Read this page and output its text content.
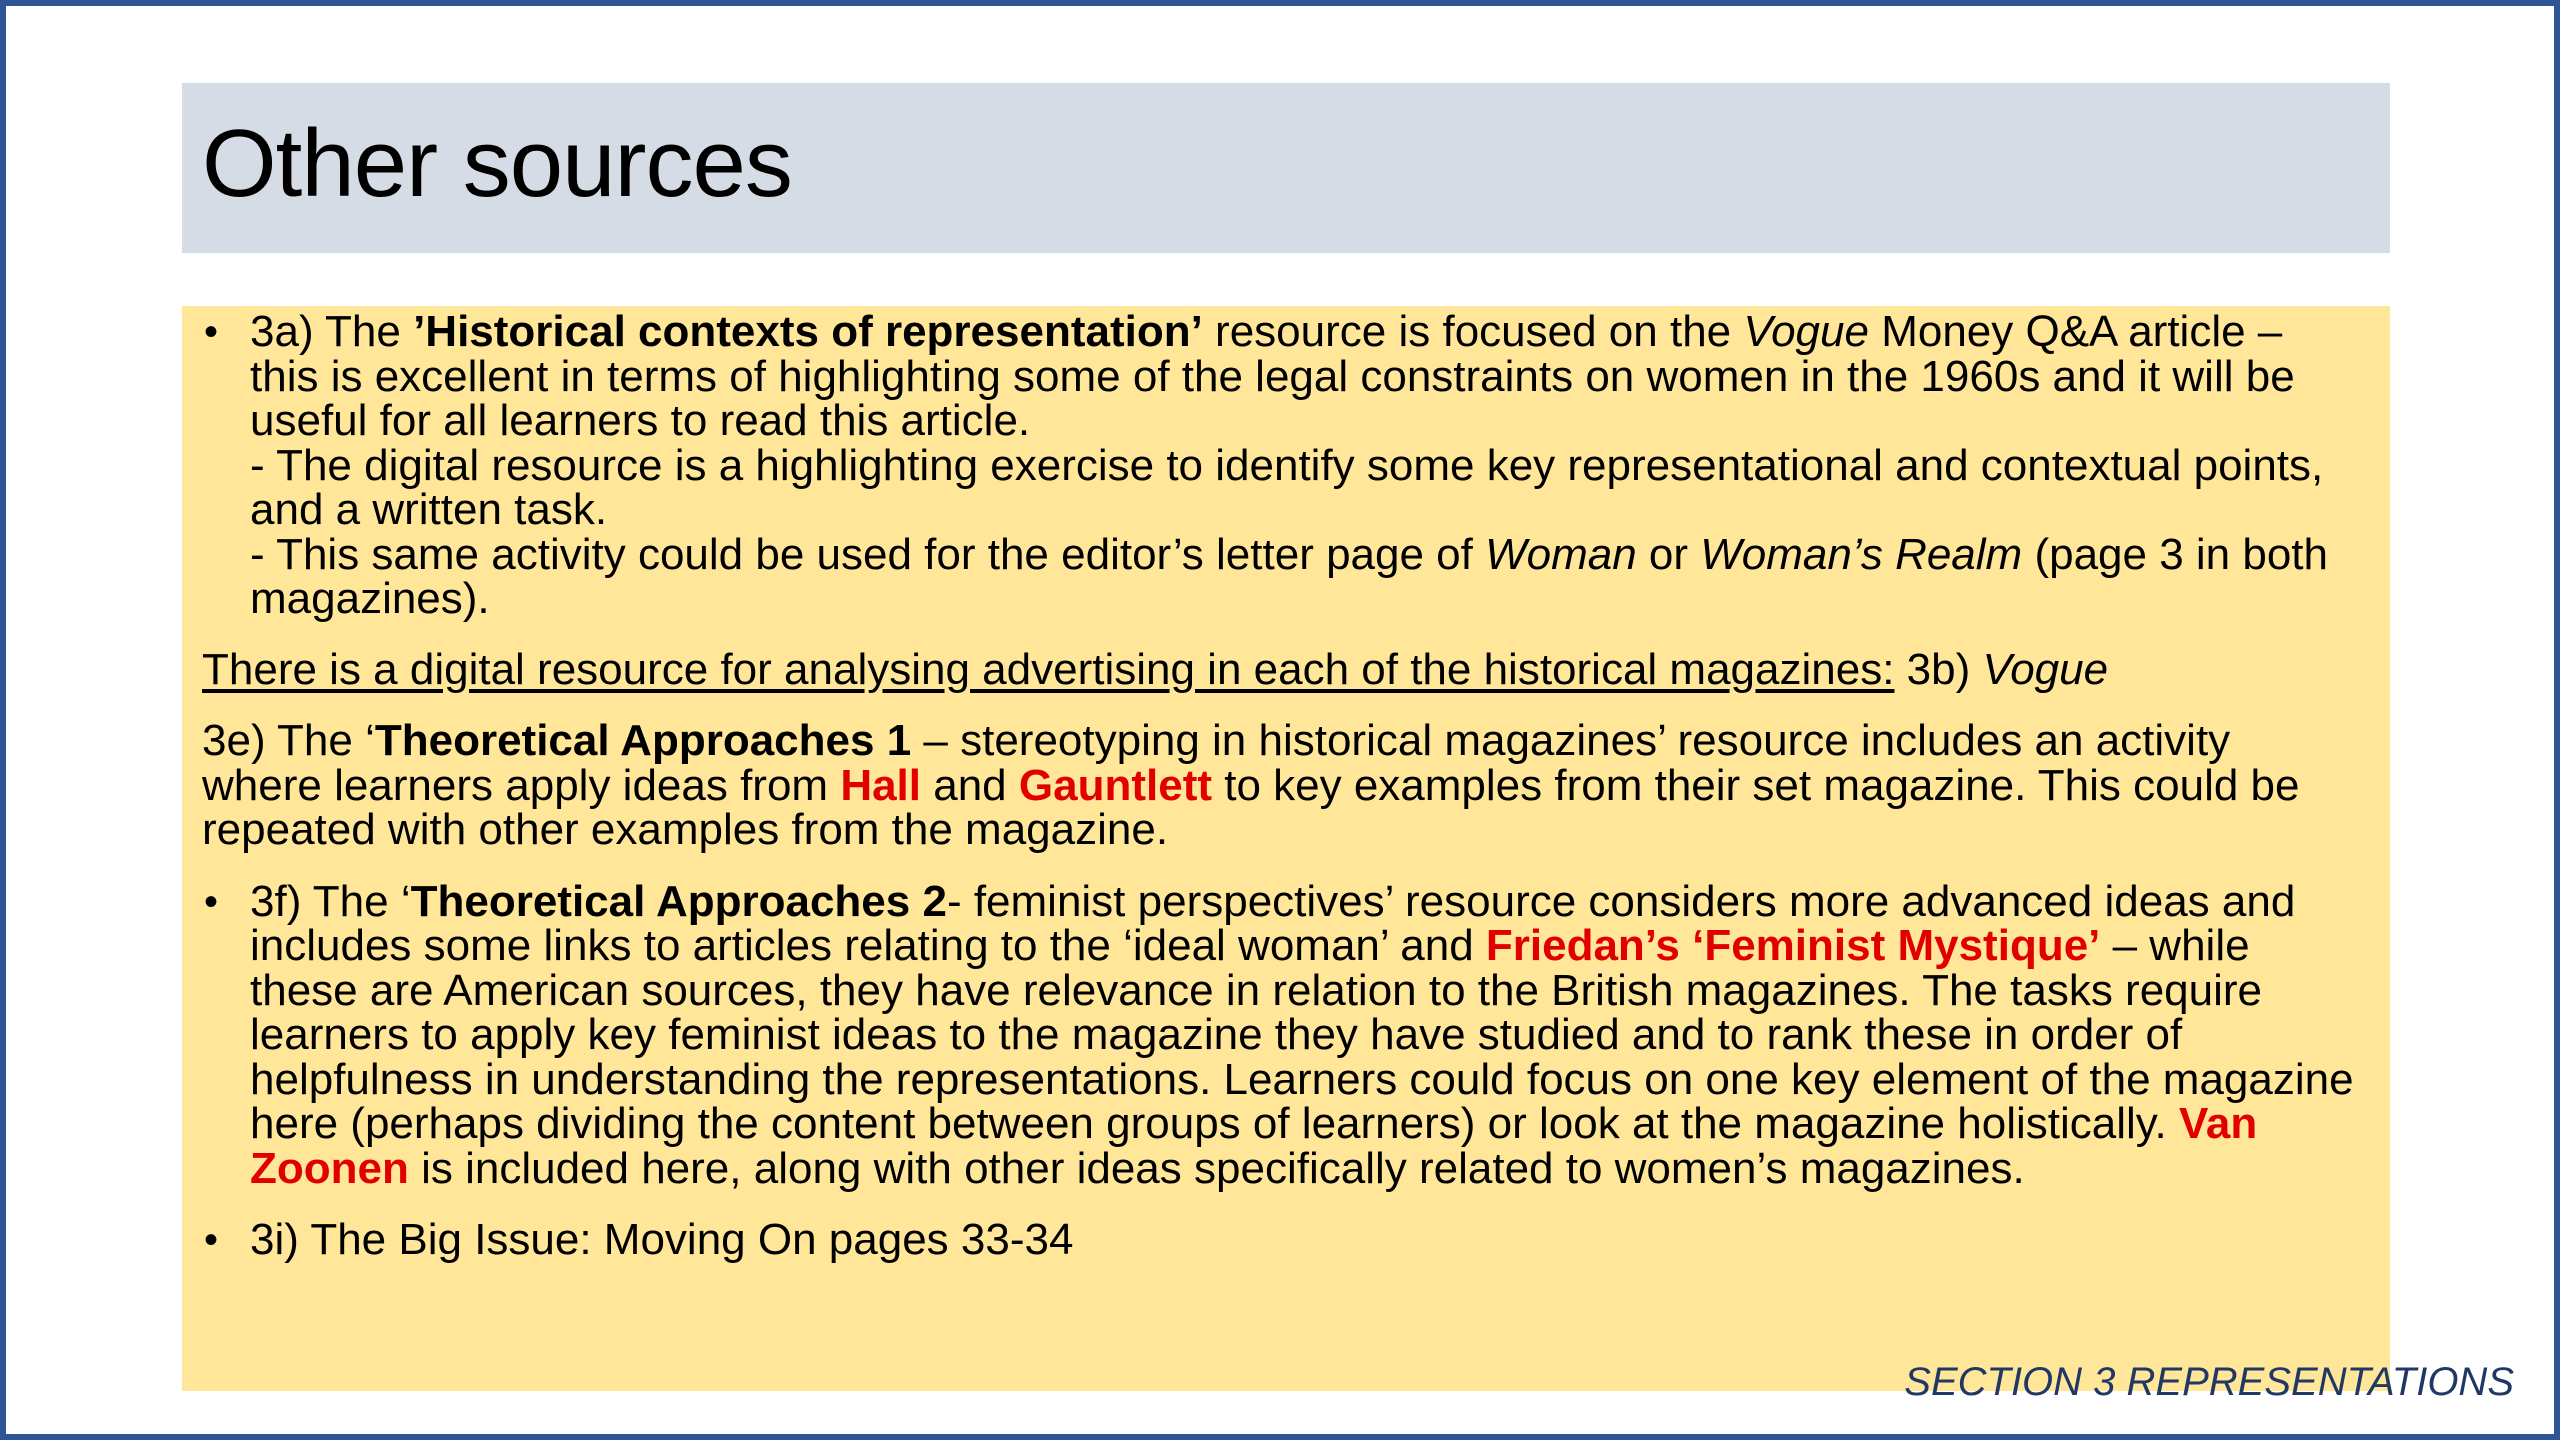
Other sources

• 3a) The ’Historical contexts of representation’ resource is focused on the Vogue Money Q&A article – this is excellent in terms of highlighting some of the legal constraints on women in the 1960s and it will be useful for all learners to read this article.
- The digital resource is a highlighting exercise to identify some key representational and contextual points, and a written task.
- This same activity could be used for the editor’s letter page of Woman or Woman’s Realm (page 3 in both magazines).

There is a digital resource for analysing advertising in each of the historical magazines: 3b) Vogue

3e) The ‘Theoretical Approaches 1 – stereotyping in historical magazines’ resource includes an activity where learners apply ideas from Hall and Gauntlett to key examples from their set magazine. This could be repeated with other examples from the magazine.

• 3f) The ‘Theoretical Approaches 2- feminist perspectives’ resource considers more advanced ideas and includes some links to articles relating to the ‘ideal woman’ and Friedan’s ‘Feminist Mystique’ – while these are American sources, they have relevance in relation to the British magazines. The tasks require learners to apply key feminist ideas to the magazine they have studied and to rank these in order of helpfulness in understanding the representations. Learners could focus on one key element of the magazine here (perhaps dividing the content between groups of learners) or look at the magazine holistically. Van Zoonen is included here, along with other ideas specifically related to women’s magazines.

• 3i) The Big Issue: Moving On pages 33-34

SECTION 3 REPRESENTATIONS
